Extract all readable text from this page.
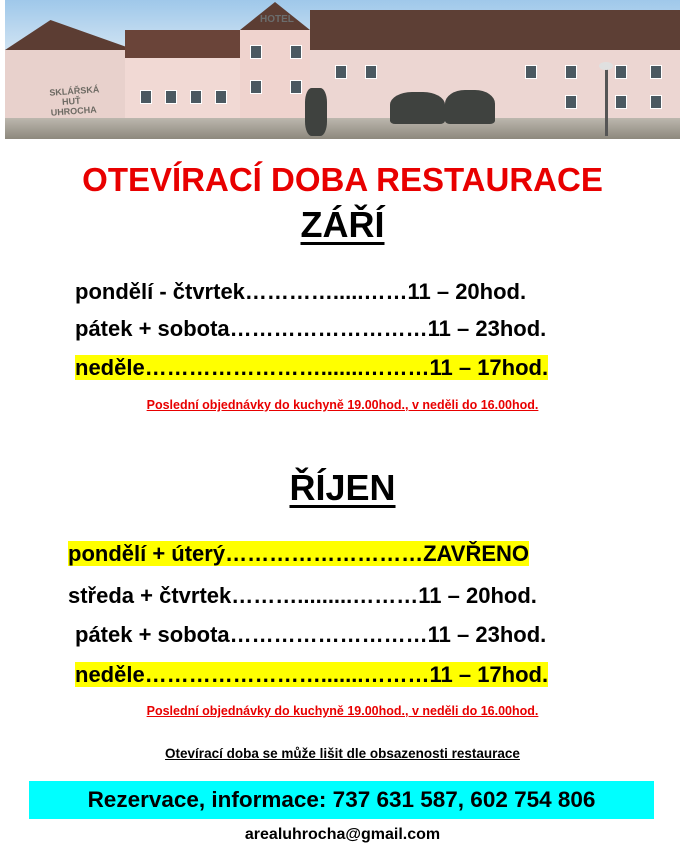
SKLÁŘSKÁ
HUŤ
UHROCHA
HOTEL
OTEVÍRACÍ DOBA RESTAURACE
ZÁŘÍ
pondělí - čtvrtek………….....……11 – 20hod.
pátek + sobota………………………11 – 23hod.
neděle…………………….......………11 – 17hod.
Poslední objednávky do kuchyně 19.00hod., v neděli do 16.00hod.
ŘÍJEN
pondělí + úterý………………………ZAVŘENO
středa + čtvrtek……….........………11 – 20hod.
pátek + sobota………………………11 – 23hod.
neděle…………………….......………11 – 17hod.
Poslední objednávky do kuchyně 19.00hod., v neděli do 16.00hod.
Otevírací doba se může lišit dle obsazenosti restaurace
Rezervace, informace: 737 631 587, 602 754 806
arealuhrocha@gmail.com
